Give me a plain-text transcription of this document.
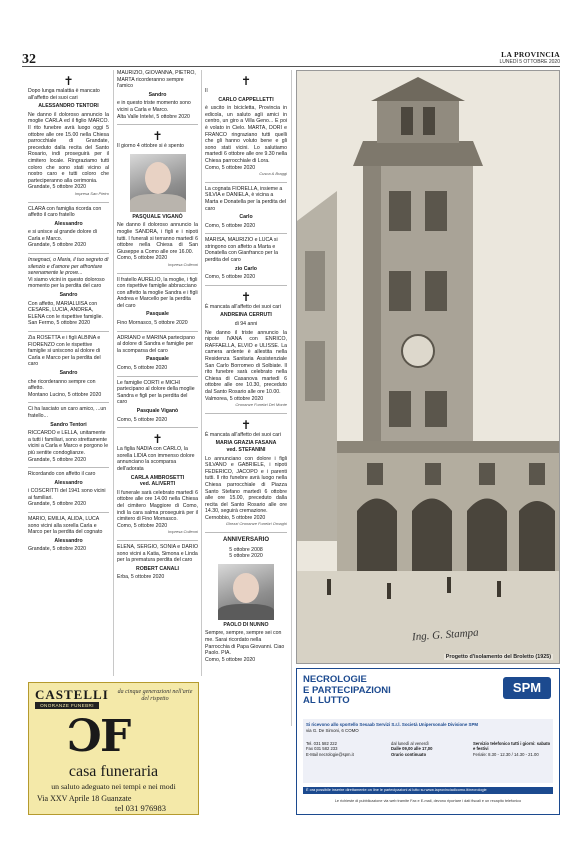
32	LA PROVINCIA
LUNEDÌ 5 OTTOBRE 2020
✝

Dopo lunga malattia è mancato all'affetto dei suoi cari

ALESSANDRO TENTORI

Ne danno il doloroso annuncio la moglie CARLA ed il figlio MARCO. Il rito funebre avrà luogo oggi 5 ottobre alle ore 15.00 nella Chiesa parrocchiale di Grandate, preceduto dalla recita del Santo Rosario, indi proseguirà per il cimitero locale. Ringraziamo tutti coloro che sono stati vicino al nostro caro e tutti coloro che parteciperanno alla cerimonia.

Grandate, 5 ottobre 2020

Impresa San Pietro

CLARA con famiglia ricorda con affetto il caro fratello

Alessandro

e si unisce al grande dolore di Carla e Marco.

Grandate, 5 ottobre 2020

Insegnaci, o Maria, il tuo segreto di silenzio e d'amore per affrontare serenamente le prove...

Vi siamo vicini in questo doloroso momento per la perdita del caro

Sandro

Con affetto, MARIALUISA con CESARE, LUCIA, ANDREA, ELENA con le rispettive famiglie.

San Fermo, 5 ottobre 2020

Zia ROSETTA e i figli ALBINA e FIORENZO con le rispettive famiglie si uniscono al dolore di Carla e Marco per la perdita del caro

Sandro

che ricorderanno sempre con affetto.

Montano Lucino, 5 ottobre 2020

Ci ha lasciato un caro amico, ...un fratello...

Sandro Tentori

RICCARDO e LELLA, unitamente a tutti i familiari, sono strettamente vicini a Carla e Marco e porgono le più sentite condoglianze.

Grandate, 5 ottobre 2020

Ricordando con affetto il caro

Alessandro

i COSCRITTI del 1941 sono vicini ai familiari.

Grandate, 5 ottobre 2020

MARIO, EMILIA, ALIDA, LUCA sono vicini alla sorella Carla e Marco per la perdita del cognato

Alessandro

Grandate, 5 ottobre 2020

MAURIZIO, GIOVANNA, PIETRO, MARTA ricorderanno sempre l'amico

Sandro

e in questo triste momento sono vicini a Carla e Marco.

Alta Valle Intelvi, 5 ottobre 2020

✝

Il giorno 4 ottobre si è spento

PASQUALE VIGANÒ

Ne danno il doloroso annuncio la moglie SANDRA, i figli e i nipoti tutti. I funerali si terranno martedì 6 ottobre nella Chiesa di San Giuseppe a Como alle ore 16.00.

Como, 5 ottobre 2020

Impresa Colleoni

Il fratello AURELIO, la moglie, i figli con rispettive famiglie abbracciano con affetto la moglie Sandra e i figli Andrea e Marcello per la perdita del caro

Pasquale

Fino Mornasco, 5 ottobre 2020

ADRIANO e MARINA partecipano al dolore di Sandra e famiglie per la scomparsa del caro

Pasquale

Como, 5 ottobre 2020

Le famiglie CORTI e MICHI partecipano al dolore della moglie Sandra e figli per la perdita del caro

Pasquale Viganò

Como, 5 ottobre 2020

✝

La figlia NADIA con CARLO, la sorella LIDIA con immenso dolore annunciano la scomparsa dell'adorata

CARLA AMBROSETTI
ved. ALIVERTI

Il funerale sarà celebrato martedì 6 ottobre alle ore 14.00 nella Chiesa del cimitero Maggiore di Como, indi la cara salma proseguirà per il cimitero di Fino Mornasco.

Como, 5 ottobre 2020

Impresa Colleoni

ELENA, SERGIO, SONIA e DARIO sono vicini a Katia, Simona e Linda per la prematura perdita del caro

ROBERT CANALI

Erba, 5 ottobre 2020

✝

Il

CARLO CAPPELLETTI

è uscito in bicicletta, Provincia in edicola, un saluto agli amici in centro, un giro a Villa Geno... E poi è volato in Cielo. MARTA, DORI e FRANCO ringraziano tutti quelli che gli hanno voluto bene e gli sono stati vicini. Lo salutiamo martedì 6 ottobre alle ore 9.30 nella Chiesa parrocchiale di Lora.

Como, 5 ottobre 2020

Cusca & Braggi

La cognata FIORELLA, insieme a SILVIA e DANIELA, è vicina a Marta e Donatella per la perdita del caro

Carlo

Como, 5 ottobre 2020

MARISA, MAURIZIO e LUCA si stringono con affetto a Marta e Donatella con Gianfranco per la perdita del caro

zio Carlo

Como, 5 ottobre 2020

✝

È mancata all'affetto dei suoi cari

ANDREINA CERRUTI
di 94 anni

Ne danno il triste annuncio la nipote IVANA con ENRICO, RAFFAELLA, ELVIO e ULISSE. La camera ardente è allestita nella Residenza Sanitaria Assistenziale San Carlo Borromeo di Solbiate. Il rito funebre sarà celebrato nella Chiesa di Casanova martedì 6 ottobre alle ore 10.30, preceduto dal Santo Rosario alle ore 10.00.

Valmorea, 5 ottobre 2020

Onoranze Funebri Del Monte
✝

È mancata all'affetto dei suoi cari

MARIA GRAZIA FASANA
ved. STEFANINI

Lo annunciano con dolore i figli SILVANO e GABRIELE, i nipoti FEDERICO, JACOPO e i parenti tutti. Il rito funebre avrà luogo nella Chiesa parrocchiale di Piazza Santo Stefano martedì 6 ottobre alle ore 15.00, preceduto dalla recita del Santo Rosario alle ore 14.30, seguirà cremazione.

Cernobbio, 5 ottobre 2020

Ghezzi Onoranze Funebri Ornaghi
ANNIVERSARIO
5 ottobre 2008
5 ottobre 2020
PAOLO DI NUNNO

Sempre, sempre, sempre sei con me. Sarai ricordato nella Parrocchia di Papa Giovanni. Ciao Paolo. PIA.

Como, 5 ottobre 2020

CASTELLI
ONORANZE FUNEBRI
da cinque generazioni nell'arte del rispetto
ƆF
casa funeraria
un saluto adeguato nei tempi e nei modi
Via XXV Aprile 18 Guanzate
tel 031 976983
Ing. G. Stampa
Progetto d'isolamento del Broletto (1925)
NECROLOGIE
E PARTECIPAZIONI
AL LUTTO
SPM
Si ricevono allo sportello Sesaab Servizi S.r.l. Società Unipersonale Divisione SPM
via G. De Simoni, 6 COMO
Tel. 031 582 222
Fax 031 582 233
E-Mail necrologie@spm.it
dal lunedì al venerdì
Dalle 09,00 alle 17,00
Orario continuato
Servizio telefonico tutti i giorni: sabato e festivi
Feriale: 8.30 - 12.30 / 14.30 - 21.00
È ora possibile inserire direttamente on line le partecipazioni al lutto su www.laprovinciadicomo.it/necrologie
Le richieste di pubblicazione via web tramite Fax e E-mail, devono riportare i dati fiscali e un recapito telefonico
